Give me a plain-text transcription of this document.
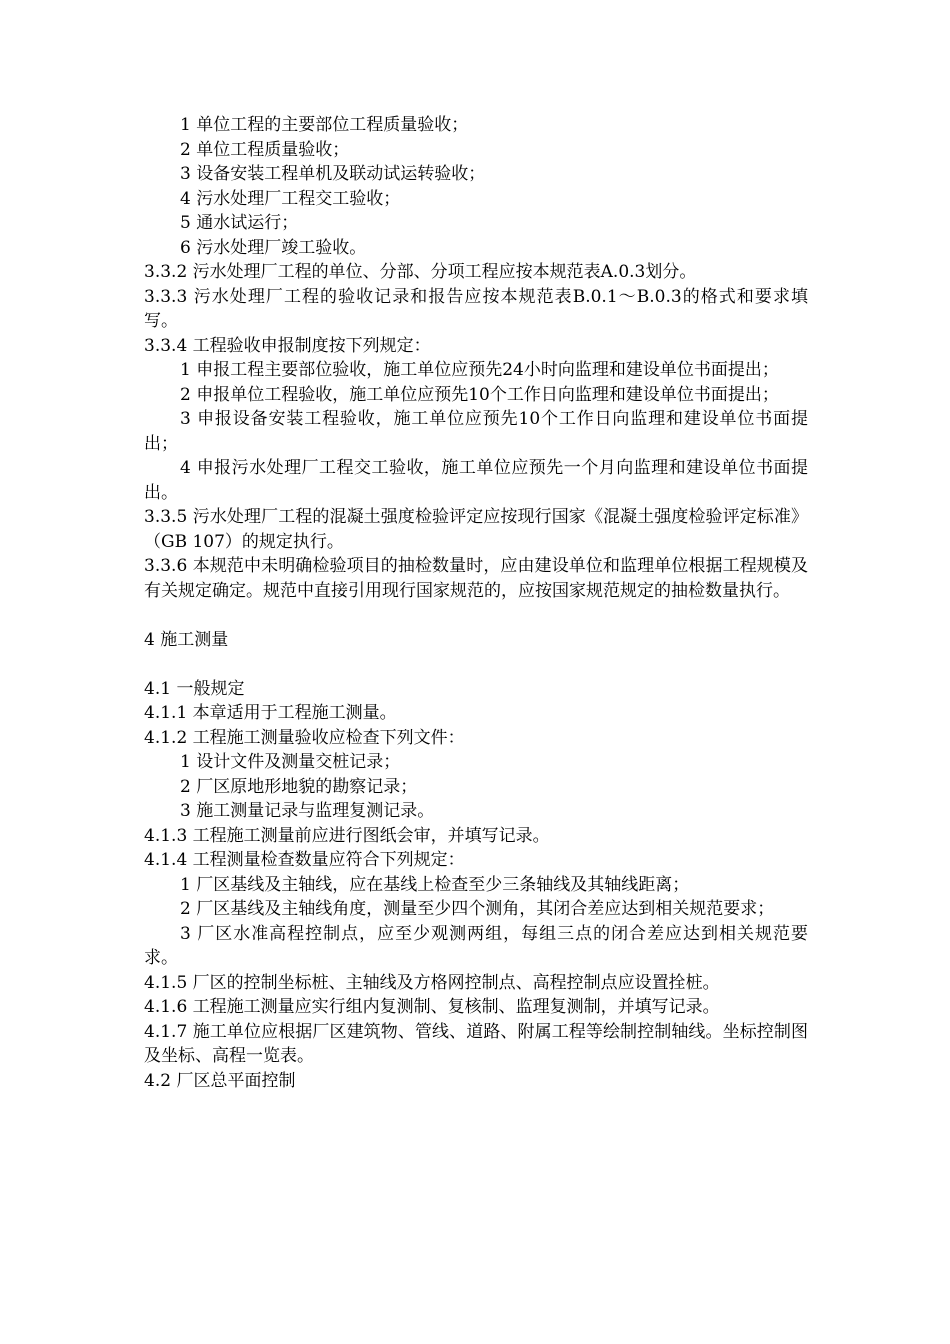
1 单位工程的主要部位工程质量验收；

2 单位工程质量验收；

3 设备安装工程单机及联动试运转验收；

4 污水处理厂工程交工验收；

5 通水试运行；

6 污水处理厂竣工验收。

3.3.2 污水处理厂工程的单位、分部、分项工程应按本规范表A.0.3划分。

3.3.3 污水处理厂工程的验收记录和报告应按本规范表B.0.1～B.0.3的格式和要求填写。

3.3.4 工程验收申报制度按下列规定：

1 申报工程主要部位验收，施工单位应预先24小时向监理和建设单位书面提出；

2 申报单位工程验收，施工单位应预先10个工作日向监理和建设单位书面提出；

3 申报设备安装工程验收，施工单位应预先10个工作日向监理和建设单位书面提出；

4 申报污水处理厂工程交工验收，施工单位应预先一个月向监理和建设单位书面提出。

3.3.5 污水处理厂工程的混凝土强度检验评定应按现行国家《混凝土强度检验评定标准》（GB 107）的规定执行。

3.3.6 本规范中未明确检验项目的抽检数量时，应由建设单位和监理单位根据工程规模及有关规定确定。规范中直接引用现行国家规范的，应按国家规范规定的抽检数量执行。

4 施工测量

4.1 一般规定

4.1.1 本章适用于工程施工测量。

4.1.2 工程施工测量验收应检查下列文件：

1 设计文件及测量交桩记录；

2 厂区原地形地貌的勘察记录；

3 施工测量记录与监理复测记录。

4.1.3 工程施工测量前应进行图纸会审，并填写记录。

4.1.4 工程测量检查数量应符合下列规定：

1 厂区基线及主轴线，应在基线上检查至少三条轴线及其轴线距离；

2 厂区基线及主轴线角度，测量至少四个测角，其闭合差应达到相关规范要求；

3 厂区水准高程控制点，应至少观测两组，每组三点的闭合差应达到相关规范要求。

4.1.5 厂区的控制坐标桩、主轴线及方格网控制点、高程控制点应设置拴桩。

4.1.6 工程施工测量应实行组内复测制、复核制、监理复测制，并填写记录。

4.1.7 施工单位应根据厂区建筑物、管线、道路、附属工程等绘制控制轴线。坐标控制图及坐标、高程一览表。

4.2 厂区总平面控制
